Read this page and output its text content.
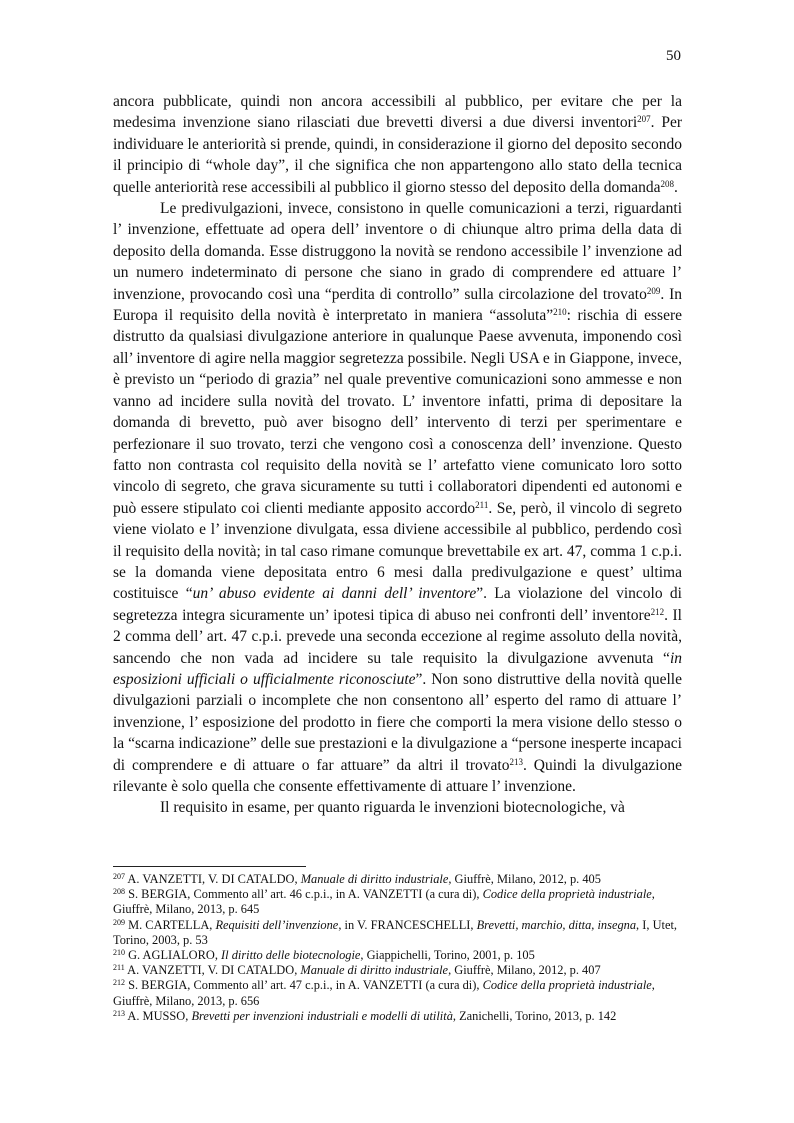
50

ancora pubblicate, quindi non ancora accessibili al pubblico, per evitare che per la medesima invenzione siano rilasciati due brevetti diversi a due diversi inventori$^{207}$. Per individuare le anteriorità si prende, quindi, in considerazione il giorno del deposito secondo il principio di “whole day”, il che significa che non appartengono allo stato della tecnica quelle anteriorità rese accessibili al pubblico il giorno stesso del deposito della domanda$^{208}$.

Le predivulgazioni, invece, consistono in quelle comunicazioni a terzi, riguardanti l’ invenzione, effettuate ad opera dell’ inventore o di chiunque altro prima della data di deposito della domanda. Esse distruggono la novità se rendono accessibile l’ invenzione ad un numero indeterminato di persone che siano in grado di comprendere ed attuare l’ invenzione, provocando così una “perdita di controllo” sulla circolazione del trovato$^{209}$. In Europa il requisito della novità è interpretato in maniera “assoluta”$^{210}$: rischia di essere distrutto da qualsiasi divulgazione anteriore in qualunque Paese avvenuta, imponendo così all’ inventore di agire nella maggior segretezza possibile. Negli USA e in Giappone, invece, è previsto un “periodo di grazia” nel quale preventive comunicazioni sono ammesse e non vanno ad incidere sulla novità del trovato. L’ inventore infatti, prima di depositare la domanda di brevetto, può aver bisogno dell’ intervento di terzi per sperimentare e perfezionare il suo trovato, terzi che vengono così a conoscenza dell’ invenzione. Questo fatto non contrasta col requisito della novità se l’ artefatto viene comunicato loro sotto vincolo di segreto, che grava sicuramente su tutti i collaboratori dipendenti ed autonomi e può essere stipulato coi clienti mediante apposito accordo$^{211}$. Se, però, il vincolo di segreto viene violato e l’ invenzione divulgata, essa diviene accessibile al pubblico, perdendo così il requisito della novità; in tal caso rimane comunque brevettabile ex art. 47, comma 1 c.p.i. se la domanda viene depositata entro 6 mesi dalla predivulgazione e quest’ ultima costituisce “un’ abuso evidente ai danni dell’ inventore”. La violazione del vincolo di segretezza integra sicuramente un’ ipotesi tipica di abuso nei confronti dell’ inventore$^{212}$. Il 2 comma dell’ art. 47 c.p.i. prevede una seconda eccezione al regime assoluto della novità, sancendo che non vada ad incidere su tale requisito la divulgazione avvenuta “in esposizioni ufficiali o ufficialmente riconosciute”. Non sono distruttive della novità quelle divulgazioni parziali o incomplete che non consentono all’ esperto del ramo di attuare l’ invenzione, l’ esposizione del prodotto in fiere che comporti la mera visione dello stesso o la “scarna indicazione” delle sue prestazioni e la divulgazione a “persone inesperte incapaci di comprendere e di attuare o far attuare” da altri il trovato$^{213}$. Quindi la divulgazione rilevante è solo quella che consente effettivamente di attuare l’ invenzione.

Il requisito in esame, per quanto riguarda le invenzioni biotecnologiche, và

$^{207}$ A. VANZETTI, V. DI CATALDO, Manuale di diritto industriale, Giuffrè, Milano, 2012, p. 405

$^{208}$ S. BERGIA, Commento all’ art. 46 c.p.i., in A. VANZETTI (a cura di), Codice della proprietà industriale, Giuffrè, Milano, 2013, p. 645

$^{209}$ M. CARTELLA, Requisiti dell’invenzione, in V. FRANCESCHELLI, Brevetti, marchio, ditta, insegna, I, Utet, Torino, 2003, p. 53

$^{210}$ G. AGLIALORO, Il diritto delle biotecnologie, Giappichelli, Torino, 2001, p. 105

$^{211}$ A. VANZETTI, V. DI CATALDO, Manuale di diritto industriale, Giuffrè, Milano, 2012, p. 407

$^{212}$ S. BERGIA, Commento all’ art. 47 c.p.i., in A. VANZETTI (a cura di), Codice della proprietà industriale, Giuffrè, Milano, 2013, p. 656

$^{213}$ A. MUSSO, Brevetti per invenzioni industriali e modelli di utilità, Zanichelli, Torino, 2013, p. 142
